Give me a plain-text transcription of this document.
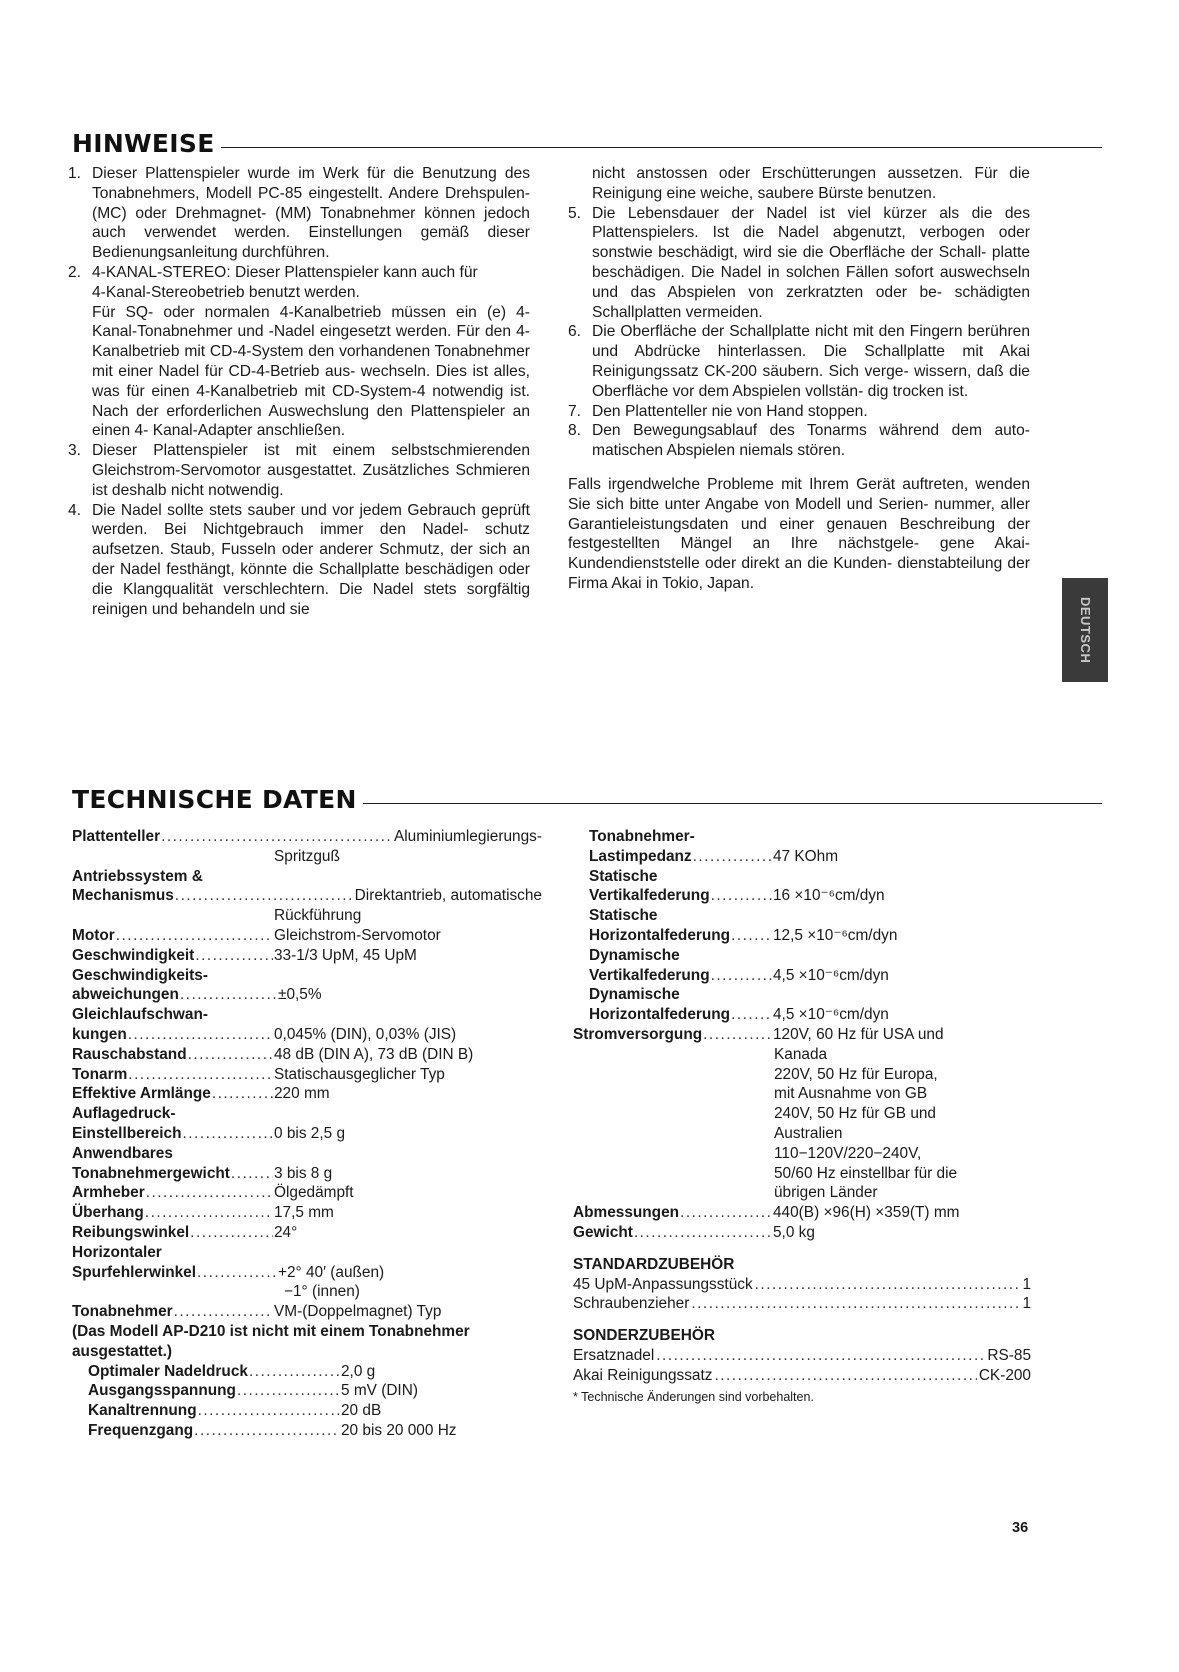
HINWEISE
1. Dieser Plattenspieler wurde im Werk für die Benutzung des Tonabnehmers, Modell PC-85 eingestellt. Andere Drehspulen- (MC) oder Drehmagnet- (MM) Tonabnehmer können jedoch auch verwendet werden. Einstellungen gemäß dieser Bedienungsanleitung durchführen.
2. 4-KANAL-STEREO: Dieser Plattenspieler kann auch für
4-Kanal-Stereobetrieb benutzt werden.
Für SQ- oder normalen 4-Kanalbetrieb müssen ein (e) 4- Kanal-Tonabnehmer und -Nadel eingesetzt werden. Für den 4-Kanalbetrieb mit CD-4-System den vorhandenen Tonabnehmer mit einer Nadel für CD-4-Betrieb aus- wechseln. Dies ist alles, was für einen 4-Kanalbetrieb mit CD-System-4 notwendig ist. Nach der erforderlichen Auswechslung den Plattenspieler an einen 4- Kanal-Adapter anschließen.
3. Dieser Plattenspieler ist mit einem selbstschmierenden Gleichstrom-Servomotor ausgestattet. Zusätzliches Schmieren ist deshalb nicht notwendig.
4. Die Nadel sollte stets sauber und vor jedem Gebrauch geprüft werden. Bei Nichtgebrauch immer den Nadel- schutz aufsetzen. Staub, Fusseln oder anderer Schmutz, der sich an der Nadel festhängt, könnte die Schallplatte beschädigen oder die Klangqualität verschlechtern. Die Nadel stets sorgfältig reinigen und behandeln und sie
nicht anstossen oder Erschütterungen aussetzen. Für die Reinigung eine weiche, saubere Bürste benutzen.
5. Die Lebensdauer der Nadel ist viel kürzer als die des Plattenspielers. Ist die Nadel abgenutzt, verbogen oder sonstwie beschädigt, wird sie die Oberfläche der Schall- platte beschädigen. Die Nadel in solchen Fällen sofort auswechseln und das Abspielen von zerkratzten oder be- schädigten Schallplatten vermeiden.
6. Die Oberfläche der Schallplatte nicht mit den Fingern berühren und Abdrücke hinterlassen. Die Schallplatte mit Akai Reinigungssatz CK-200 säubern. Sich verge- wissern, daß die Oberfläche vor dem Abspielen vollstän- dig trocken ist.
7. Den Plattenteller nie von Hand stoppen.
8. Den Bewegungsablauf des Tonarms während dem auto- matischen Abspielen niemals stören.
Falls irgendwelche Probleme mit Ihrem Gerät auftreten, wenden Sie sich bitte unter Angabe von Modell und Serien- nummer, aller Garantieleistungsdaten und einer genauen Beschreibung der festgestellten Mängel an Ihre nächstgele- gene Akai-Kundendienststelle oder direkt an die Kunden- dienstabteilung der Firma Akai in Tokio, Japan.
DEUTSCH
TECHNISCHE DATEN
Plattenteller .....	Aluminiumlegierungs-
Spritzguß
Antriebssystem &
Mechanismus .....	Direktantrieb, automatische
Rückführung
Motor .....	Gleichstrom-Servomotor
Geschwindigkeit .....	33-1/3 UpM, 45 UpM
Geschwindigkeits-
abweichungen .....	±0,5%
Gleichlaufschwan-
kungen .....	0,045% (DIN), 0,03% (JIS)
Rauschabstand .....	48 dB (DIN A), 73 dB (DIN B)
Tonarm .....	Statischausgeglicher Typ
Effektive Armlänge .....	220 mm
Auflagedruck-
Einstellbereich .....	0 bis 2,5 g
Anwendbares
Tonabnehmergewicht .....	3 bis 8 g
Armheber .....	Ölgedämpft
Überhang .....	17,5 mm
Reibungswinkel .....	24°
Horizontaler
Spurfehlerwinkel .....	+2° 40′ (außen)
−1° (innen)
Tonabnehmer .....	VM-(Doppelmagnet) Typ
(Das Modell AP-D210 ist nicht mit einem Tonabnehmer
ausgestattet.)
Optimaler Nadeldruck .....	2,0 g
Ausgangsspannung .....	5 mV (DIN)
Kanaltrennung .....	20 dB
Frequenzgang .....	20 bis 20 000 Hz
Tonabnehmer-
Lastimpedanz .....	47 KOhm
Statische
Vertikalfederung .....	16 ×10⁻⁶cm/dyn
Statische
Horizontalfederung .....	12,5 ×10⁻⁶cm/dyn
Dynamische
Vertikalfederung .....	4,5 ×10⁻⁶cm/dyn
Dynamische
Horizontalfederung .....	4,5 ×10⁻⁶cm/dyn
Stromversorgung .....	120V, 60 Hz für USA und
Kanada
220V, 50 Hz für Europa,
mit Ausnahme von GB
240V, 50 Hz für GB und
Australien
110−120V/220−240V,
50/60 Hz einstellbar für die
übrigen Länder
Abmessungen .....	440(B) ×96(H) ×359(T) mm
Gewicht .....	5,0 kg
STANDARDZUBEHÖR
45 UpM-Anpassungsstück .....	1
Schraubenzieher .....	1
SONDERZUBEHÖR
Ersatznadel .....	RS-85
Akai Reinigungssatz .....	CK-200
* Technische Änderungen sind vorbehalten.
36
